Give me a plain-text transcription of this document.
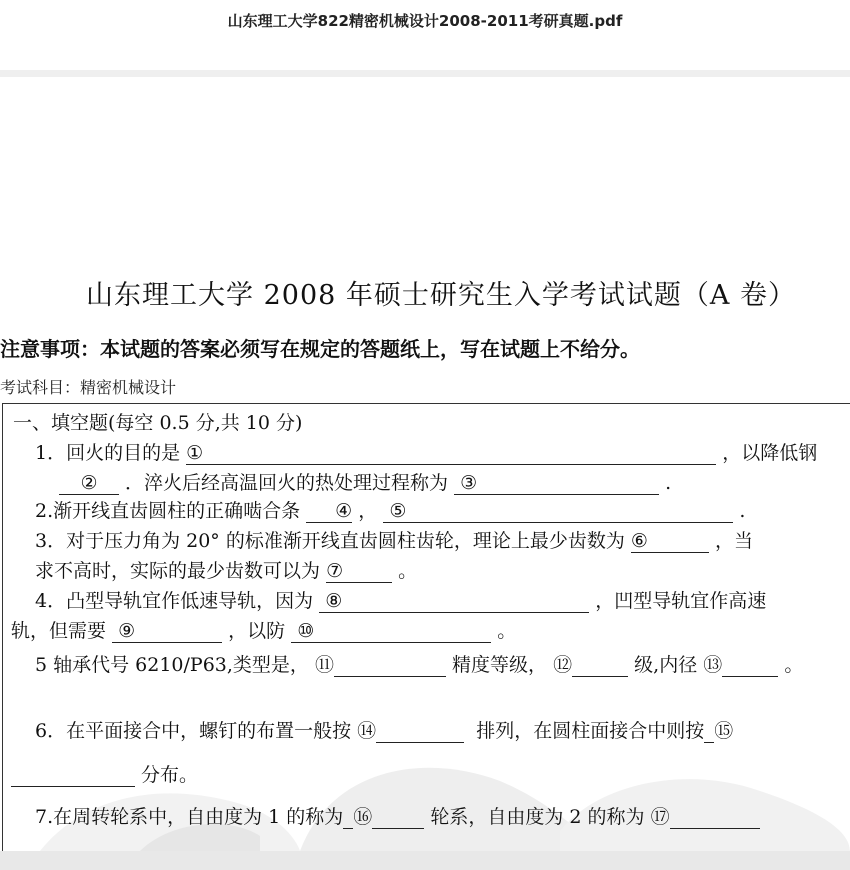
山东理工大学822精密机械设计2008-2011考研真题.pdf
山东理工大学 2008 年硕士研究生入学考试试题（A 卷）
注意事项：本试题的答案必须写在规定的答题纸上，写在试题上不给分。
考试科目：精密机械设计
一、填空题(每空 0.5 分,共 10 分)
1．回火的目的是 ①	，以降低钢
② ．淬火后经高温回火的热处理过程称为 ③	.
2.渐开线直齿圆柱的正确啮合条 ④ ， ⑤	.
3．对于压力角为 20° 的标准渐开线直齿圆柱齿轮，理论上最少齿数为 ⑥	，当
求不高时，实际的最少齿数可以为 ⑦	。
4．凸型导轨宜作低速导轨，因为 ⑧	，凹型导轨宜作高速
轨，但需要 ⑨	，以防 ⑩	。
5 轴承代号 6210/P63,类型是， ⑪	精度等级， ⑫	级,内径 ⑬	。
6．在平面接合中，螺钉的布置一般按 ⑭	排列，在圆柱面接合中则按 ⑮
分布。
7.在周转轮系中，自由度为 1 的称为 ⑯	轮系，自由度为 2 的称为 ⑰
